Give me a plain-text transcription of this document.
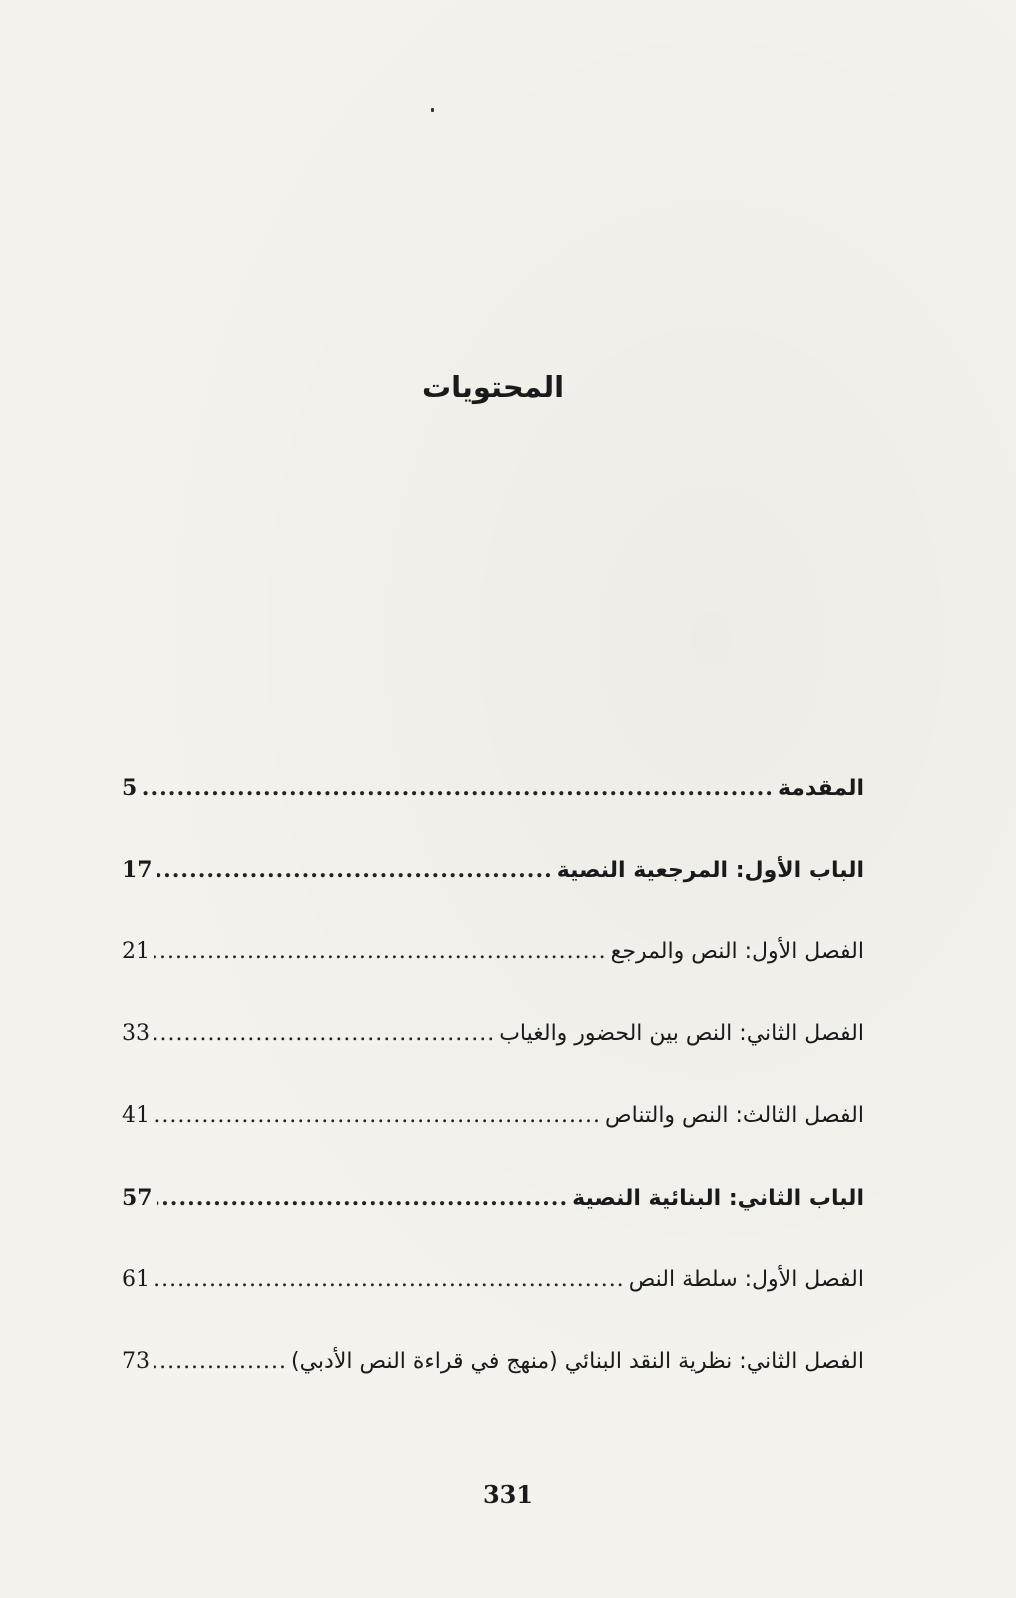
المحتويات
المقدمة
.....
5
الباب الأول: المرجعية النصية
.....
17
الفصل الأول: النص والمرجع
.....
21
الفصل الثاني: النص بين الحضور والغياب
.....
33
الفصل الثالث: النص والتناص
.....
41
الباب الثاني: البنائية النصية
.....
57
الفصل الأول: سلطة النص
.....
61
الفصل الثاني: نظرية النقد البنائي (منهج في قراءة النص الأدبي)
.....
73
331
